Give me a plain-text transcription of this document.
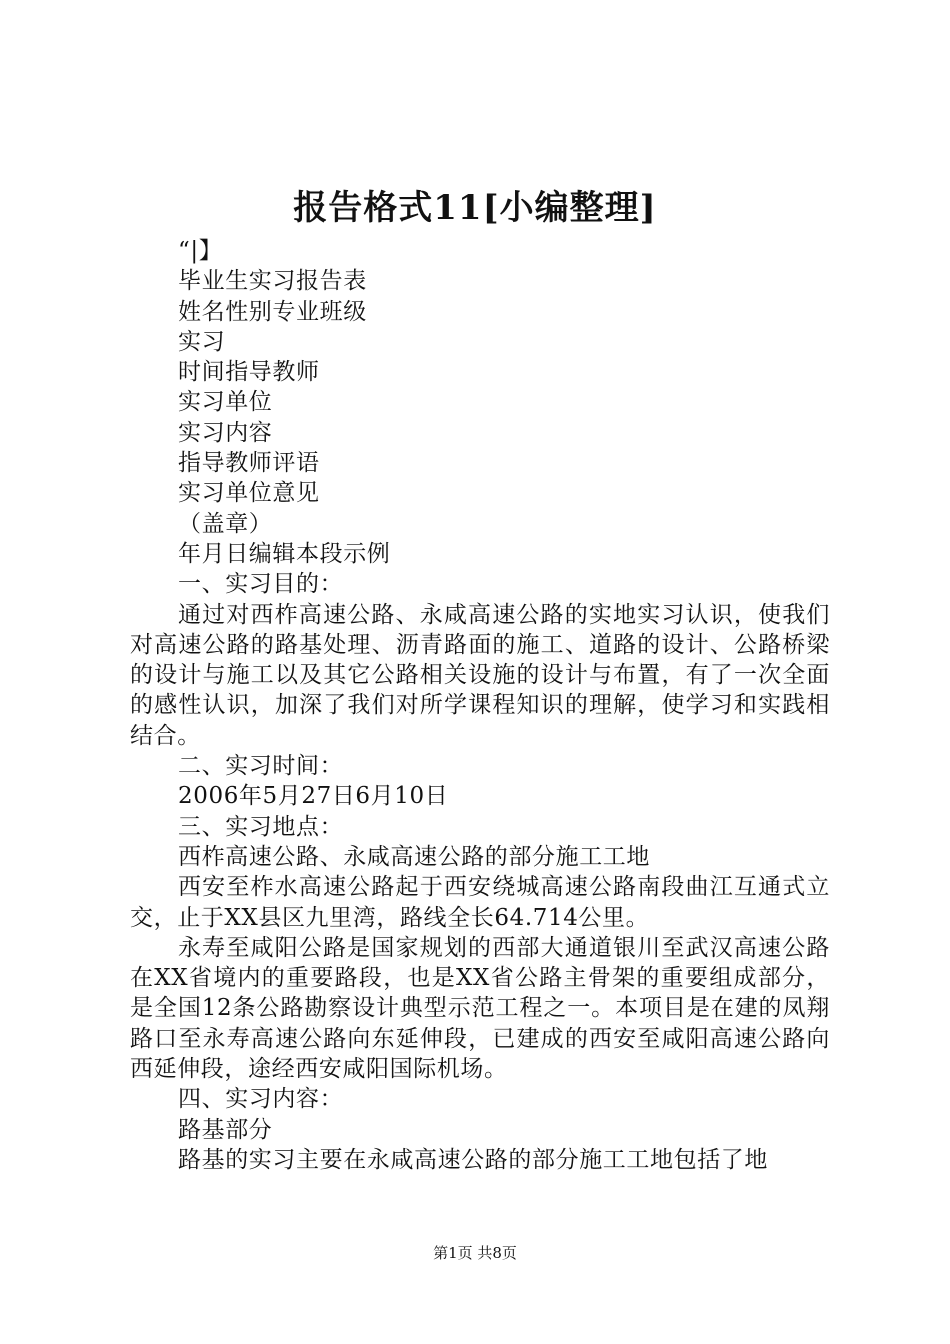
报告格式11[小编整理]

“|】

毕业生实习报告表

姓名性别专业班级

实习

时间指导教师

实习单位

实习内容

指导教师评语

实习单位意见

（盖章）

年月日编辑本段示例

一、实习目的：

通过对西柞高速公路、永咸高速公路的实地实习认识，使我们对高速公路的路基处理、沥青路面的施工、道路的设计、公路桥梁的设计与施工以及其它公路相关设施的设计与布置，有了一次全面的感性认识，加深了我们对所学课程知识的理解，使学习和实践相结合。

二、实习时间：

2006年5月27日6月10日

三、实习地点：

西柞高速公路、永咸高速公路的部分施工工地

西安至柞水高速公路起于西安绕城高速公路南段曲江互通式立交，止于XX县区九里湾，路线全长64.714公里。

永寿至咸阳公路是国家规划的西部大通道银川至武汉高速公路在XX省境内的重要路段，也是XX省公路主骨架的重要组成部分，是全国12条公路勘察设计典型示范工程之一。本项目是在建的凤翔路口至永寿高速公路向东延伸段，已建成的西安至咸阳高速公路向西延伸段，途经西安咸阳国际机场。

四、实习内容：

路基部分

路基的实习主要在永咸高速公路的部分施工工地包括了地

第1页 共8页
